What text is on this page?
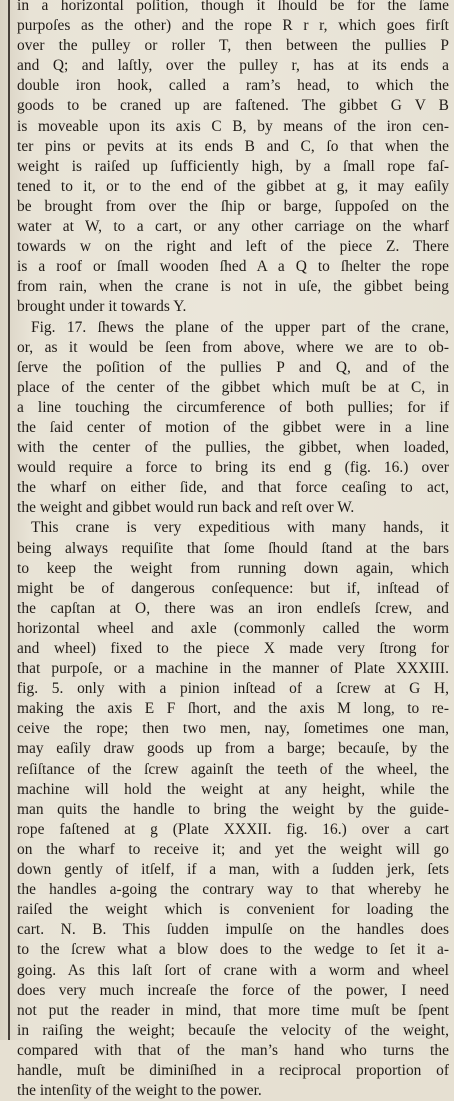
in a horizontal poſition, though it ſhould be for the ſame
purpoſes as the other) and the rope R r r, which goes firſt
over the pulley or roller T, then between the pullies P
and Q; and laſtly, over the pulley r, has at its ends a
double iron hook, called a ram’s head, to which the
goods to be craned up are faſtened. The gibbet G V B
is moveable upon its axis C B, by means of the iron cen-
ter pins or pevits at its ends B and C, ſo that when the
weight is raiſed up ſufficiently high, by a ſmall rope faſ-
tened to it, or to the end of the gibbet at g, it may eaſily
be brought from over the ſhip or barge, ſuppoſed on the
water at W, to a cart, or any other carriage on the wharf
towards w on the right and left of the piece Z. There
is a roof or ſmall wooden ſhed A a Q to ſhelter the rope
from rain, when the crane is not in uſe, the gibbet being
brought under it towards Y.
Fig. 17. ſhews the plane of the upper part of the crane,
or, as it would be ſeen from above, where we are to ob-
ſerve the poſition of the pullies P and Q, and of the
place of the center of the gibbet which muſt be at C, in
a line touching the circumference of both pullies; for if
the ſaid center of motion of the gibbet were in a line
with the center of the pullies, the gibbet, when loaded,
would require a force to bring its end g (fig. 16.) over
the wharf on either ſide, and that force ceaſing to act,
the weight and gibbet would run back and reſt over W.
This crane is very expeditious with many hands, it
being always requiſite that ſome ſhould ſtand at the bars
to keep the weight from running down again, which
might be of dangerous conſequence: but if, inſtead of
the capſtan at O, there was an iron endleſs ſcrew, and
horizontal wheel and axle (commonly called the worm
and wheel) fixed to the piece X made very ſtrong for
that purpoſe, or a machine in the manner of Plate XXXIII.
fig. 5. only with a pinion inſtead of a ſcrew at G H,
making the axis E F ſhort, and the axis M long, to re-
ceive the rope; then two men, nay, ſometimes one man,
may eaſily draw goods up from a barge; becauſe, by the
reſiſtance of the ſcrew againſt the teeth of the wheel, the
machine will hold the weight at any height, while the
man quits the handle to bring the weight by the guide-
rope faſtened at g (Plate XXXII. fig. 16.) over a cart
on the wharf to receive it; and yet the weight will go
down gently of itſelf, if a man, with a ſudden jerk, ſets
the handles a-going the contrary way to that whereby he
raiſed the weight which is convenient for loading the
cart. N. B. This ſudden impulſe on the handles does
to the ſcrew what a blow does to the wedge to ſet it a-
going. As this laſt ſort of crane with a worm and wheel
does very much increaſe the force of the power, I need
not put the reader in mind, that more time muſt be ſpent
in raiſing the weight; becauſe the velocity of the weight,
compared with that of the man’s hand who turns the
handle, muſt be diminiſhed in a reciprocal proportion of
the intenſity of the weight to the power.
